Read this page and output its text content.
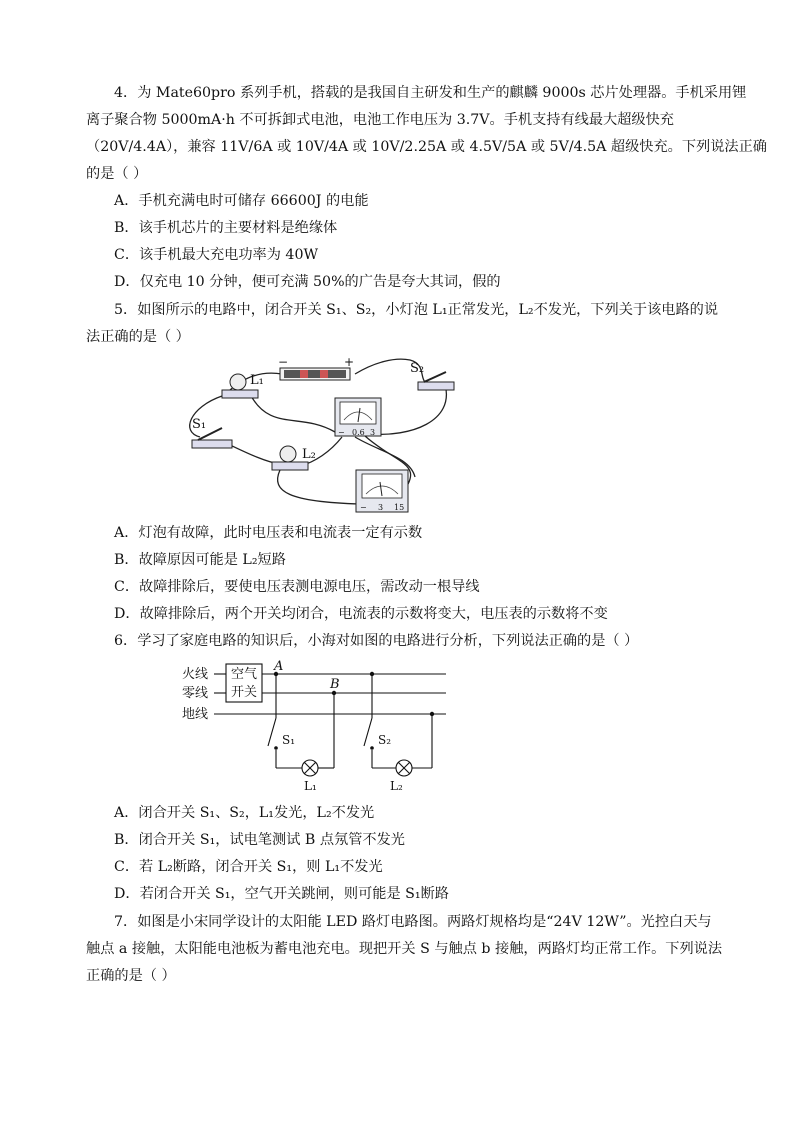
4．为 Mate60pro 系列手机，搭载的是我国自主研发和生产的麒麟 9000s 芯片处理器。手机采用锂
离子聚合物 5000mA·h 不可拆卸式电池，电池工作电压为 3.7V。手机支持有线最大超级快充
（20V/4.4A），兼容 11V/6A 或 10V/4A 或 10V/2.25A 或 4.5V/5A 或 5V/4.5A 超级快充。下列说法正确
的是（ ）
A．手机充满电时可储存 66600J 的电能
B．该手机芯片的主要材料是绝缘体
C．该手机最大充电功率为 40W
D．仅充电 10 分钟，便可充满 50%的广告是夸大其词，假的
5．如图所示的电路中，闭合开关 S₁、S₂，小灯泡 L₁正常发光，L₂不发光，下列关于该电路的说
法正确的是（ ）
−	+
L₁
S₂
S₁
L₂
− 0.6 3
− 3 15
A．灯泡有故障，此时电压表和电流表一定有示数
B．故障原因可能是 L₂短路
C．故障排除后，要使电压表测电源电压，需改动一根导线
D．故障排除后，两个开关均闭合，电流表的示数将变大，电压表的示数将不变
6．学习了家庭电路的知识后，小海对如图的电路进行分析，下列说法正确的是（ ）
火线
零线
地线
空气
开关
A
B
S₁	S₂
L₁	L₂
A．闭合开关 S₁、S₂，L₁发光，L₂不发光
B．闭合开关 S₁，试电笔测试 B 点氖管不发光
C．若 L₂断路，闭合开关 S₁，则 L₁不发光
D．若闭合开关 S₁，空气开关跳闸，则可能是 S₁断路
7．如图是小宋同学设计的太阳能 LED 路灯电路图。两路灯规格均是“24V 12W”。光控白天与
触点 a 接触，太阳能电池板为蓄电池充电。现把开关 S 与触点 b 接触，两路灯均正常工作。下列说法
正确的是（ ）
